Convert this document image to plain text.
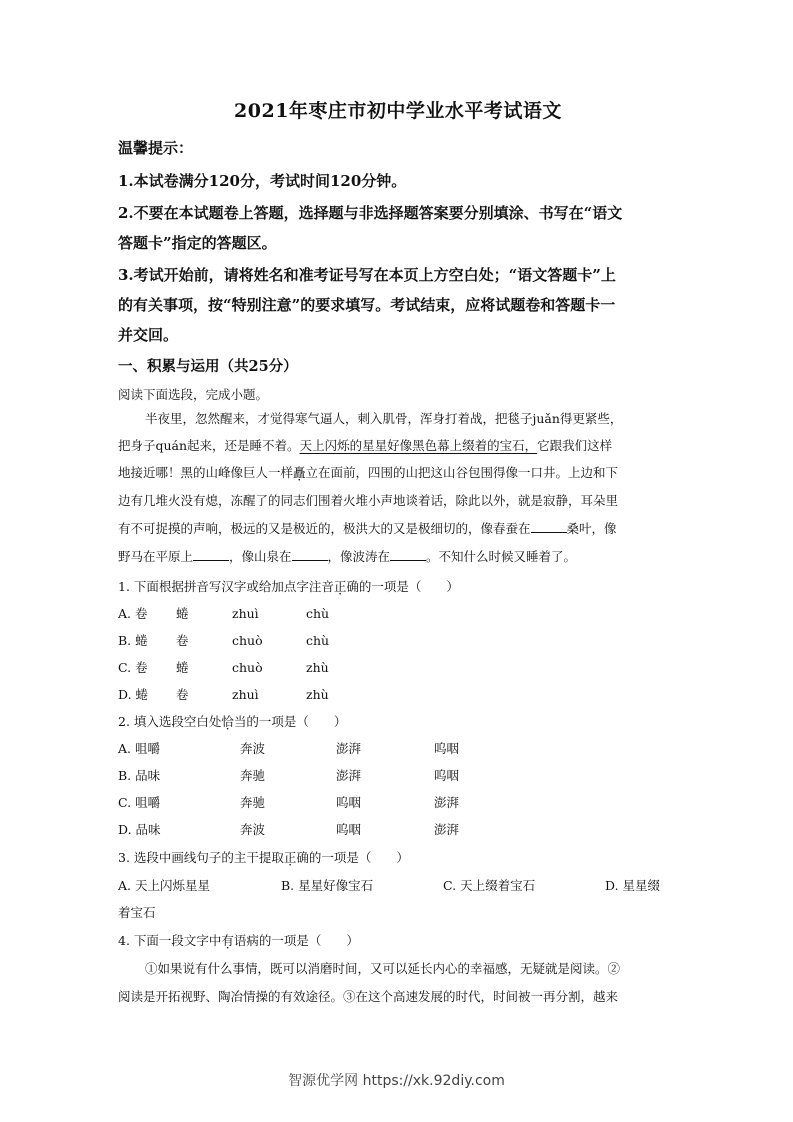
2021年枣庄市初中学业水平考试语文
温馨提示：
1.本试卷满分120分，考试时间120分钟。
2.不要在本试题卷上答题，选择题与非选择题答案要分别填涂、书写在“语文
答题卡”指定的答题区。
3.考试开始前，请将姓名和准考证号写在本页上方空白处；“语文答题卡”上
的有关事项，按“特别注意”的要求填写。考试结束，应将试题卷和答题卡一
并交回。
一、积累与运用（共25分）
阅读下面选段，完成小题。
半夜里，忽然醒来，才觉得寒气逼人，刺入肌骨，浑身打着战，把毯子juǎn得更紧些，
把身子quán起来，还是睡不着。天上闪烁的星星好像黑色幕上缀着的宝石，它跟我们这样
地接近哪！黑的山峰像巨人一样矗立在面前，四围的山把这山谷包围得像一口井。上边和下
边有几堆火没有熄，冻醒了的同志们围着火堆小声地谈着话，除此以外，就是寂静，耳朵里
有不可捉摸的声响，极远的又是极近的，极洪大的又是极细切的，像春蚕在	桑叶，像
野马在平原上	，像山泉在	，像波涛在	。不知什么时候又睡着了。
1. 下面根据拼音写汉字或给加点字注音正确的一项是（　　）
A. 卷 蜷	zhuì	chù
B. 蜷 卷	chuò	chù
C. 卷 蜷	chuò	zhù
D. 蜷 卷	zhuì	zhù
2. 填入选段空白处恰当的一项是（　　）
A. 咀嚼	奔波	澎湃	呜咽
B. 品味	奔驰	澎湃	呜咽
C. 咀嚼	奔驰	呜咽	澎湃
D. 品味	奔波	呜咽	澎湃
3. 选段中画线句子的主干提取正确的一项是（　　）
A. 天上闪烁星星	B. 星星好像宝石	C. 天上缀着宝石	D. 星星缀
着宝石
4. 下面一段文字中有语病的一项是（　　）
①如果说有什么事情，既可以消磨时间，又可以延长内心的幸福感，无疑就是阅读。②
阅读是开拓视野、陶冶情操的有效途径。③在这个高速发展的时代，时间被一再分割，越来
智源优学网 https://xk.92diy.com
